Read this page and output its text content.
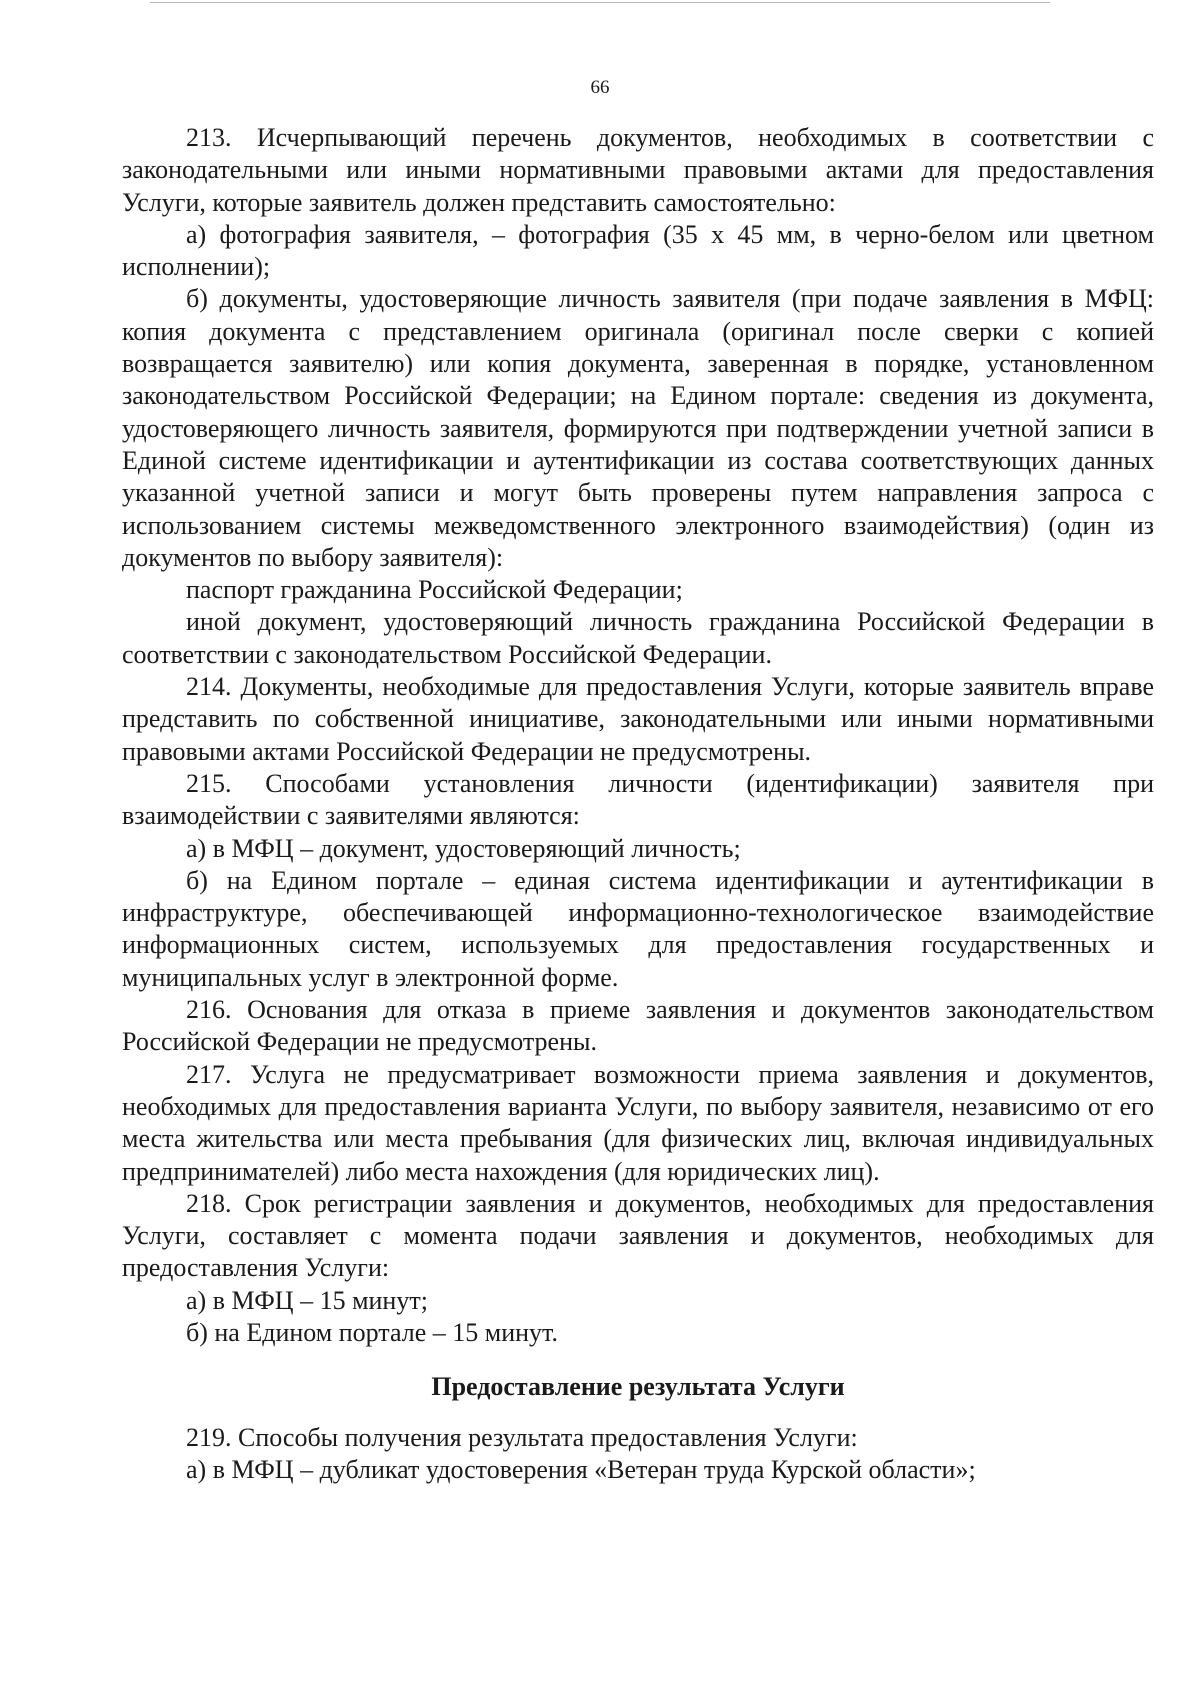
66

213. Исчерпывающий перечень документов, необходимых в соответствии с законодательными или иными нормативными правовыми актами для предоставления Услуги, которые заявитель должен представить самостоятельно:

а) фотография заявителя, – фотография (35 х 45 мм, в черно-белом или цветном исполнении);

б) документы, удостоверяющие личность заявителя (при подаче заявления в МФЦ: копия документа с представлением оригинала (оригинал после сверки с копией возвращается заявителю) или копия документа, заверенная в порядке, установленном законодательством Российской Федерации; на Едином портале: сведения из документа, удостоверяющего личность заявителя, формируются при подтверждении учетной записи в Единой системе идентификации и аутентификации из состава соответствующих данных указанной учетной записи и могут быть проверены путем направления запроса с использованием системы межведомственного электронного взаимодействия) (один из документов по выбору заявителя):

паспорт гражданина Российской Федерации;

иной документ, удостоверяющий личность гражданина Российской Федерации в соответствии с законодательством Российской Федерации.

214. Документы, необходимые для предоставления Услуги, которые заявитель вправе представить по собственной инициативе, законодательными или иными нормативными правовыми актами Российской Федерации не предусмотрены.

215. Способами установления личности (идентификации) заявителя при взаимодействии с заявителями являются:

а) в МФЦ – документ, удостоверяющий личность;

б) на Едином портале – единая система идентификации и аутентификации в инфраструктуре, обеспечивающей информационно-технологическое взаимодействие информационных систем, используемых для предоставления государственных и муниципальных услуг в электронной форме.

216. Основания для отказа в приеме заявления и документов законодательством Российской Федерации не предусмотрены.

217. Услуга не предусматривает возможности приема заявления и документов, необходимых для предоставления варианта Услуги, по выбору заявителя, независимо от его места жительства или места пребывания (для физических лиц, включая индивидуальных предпринимателей) либо места нахождения (для юридических лиц).

218. Срок регистрации заявления и документов, необходимых для предоставления Услуги, составляет с момента подачи заявления и документов, необходимых для предоставления Услуги:

а) в МФЦ – 15 минут;

б) на Едином портале – 15 минут.

Предоставление результата Услуги

219. Способы получения результата предоставления Услуги:

а) в МФЦ – дубликат удостоверения «Ветеран труда Курской области»;
